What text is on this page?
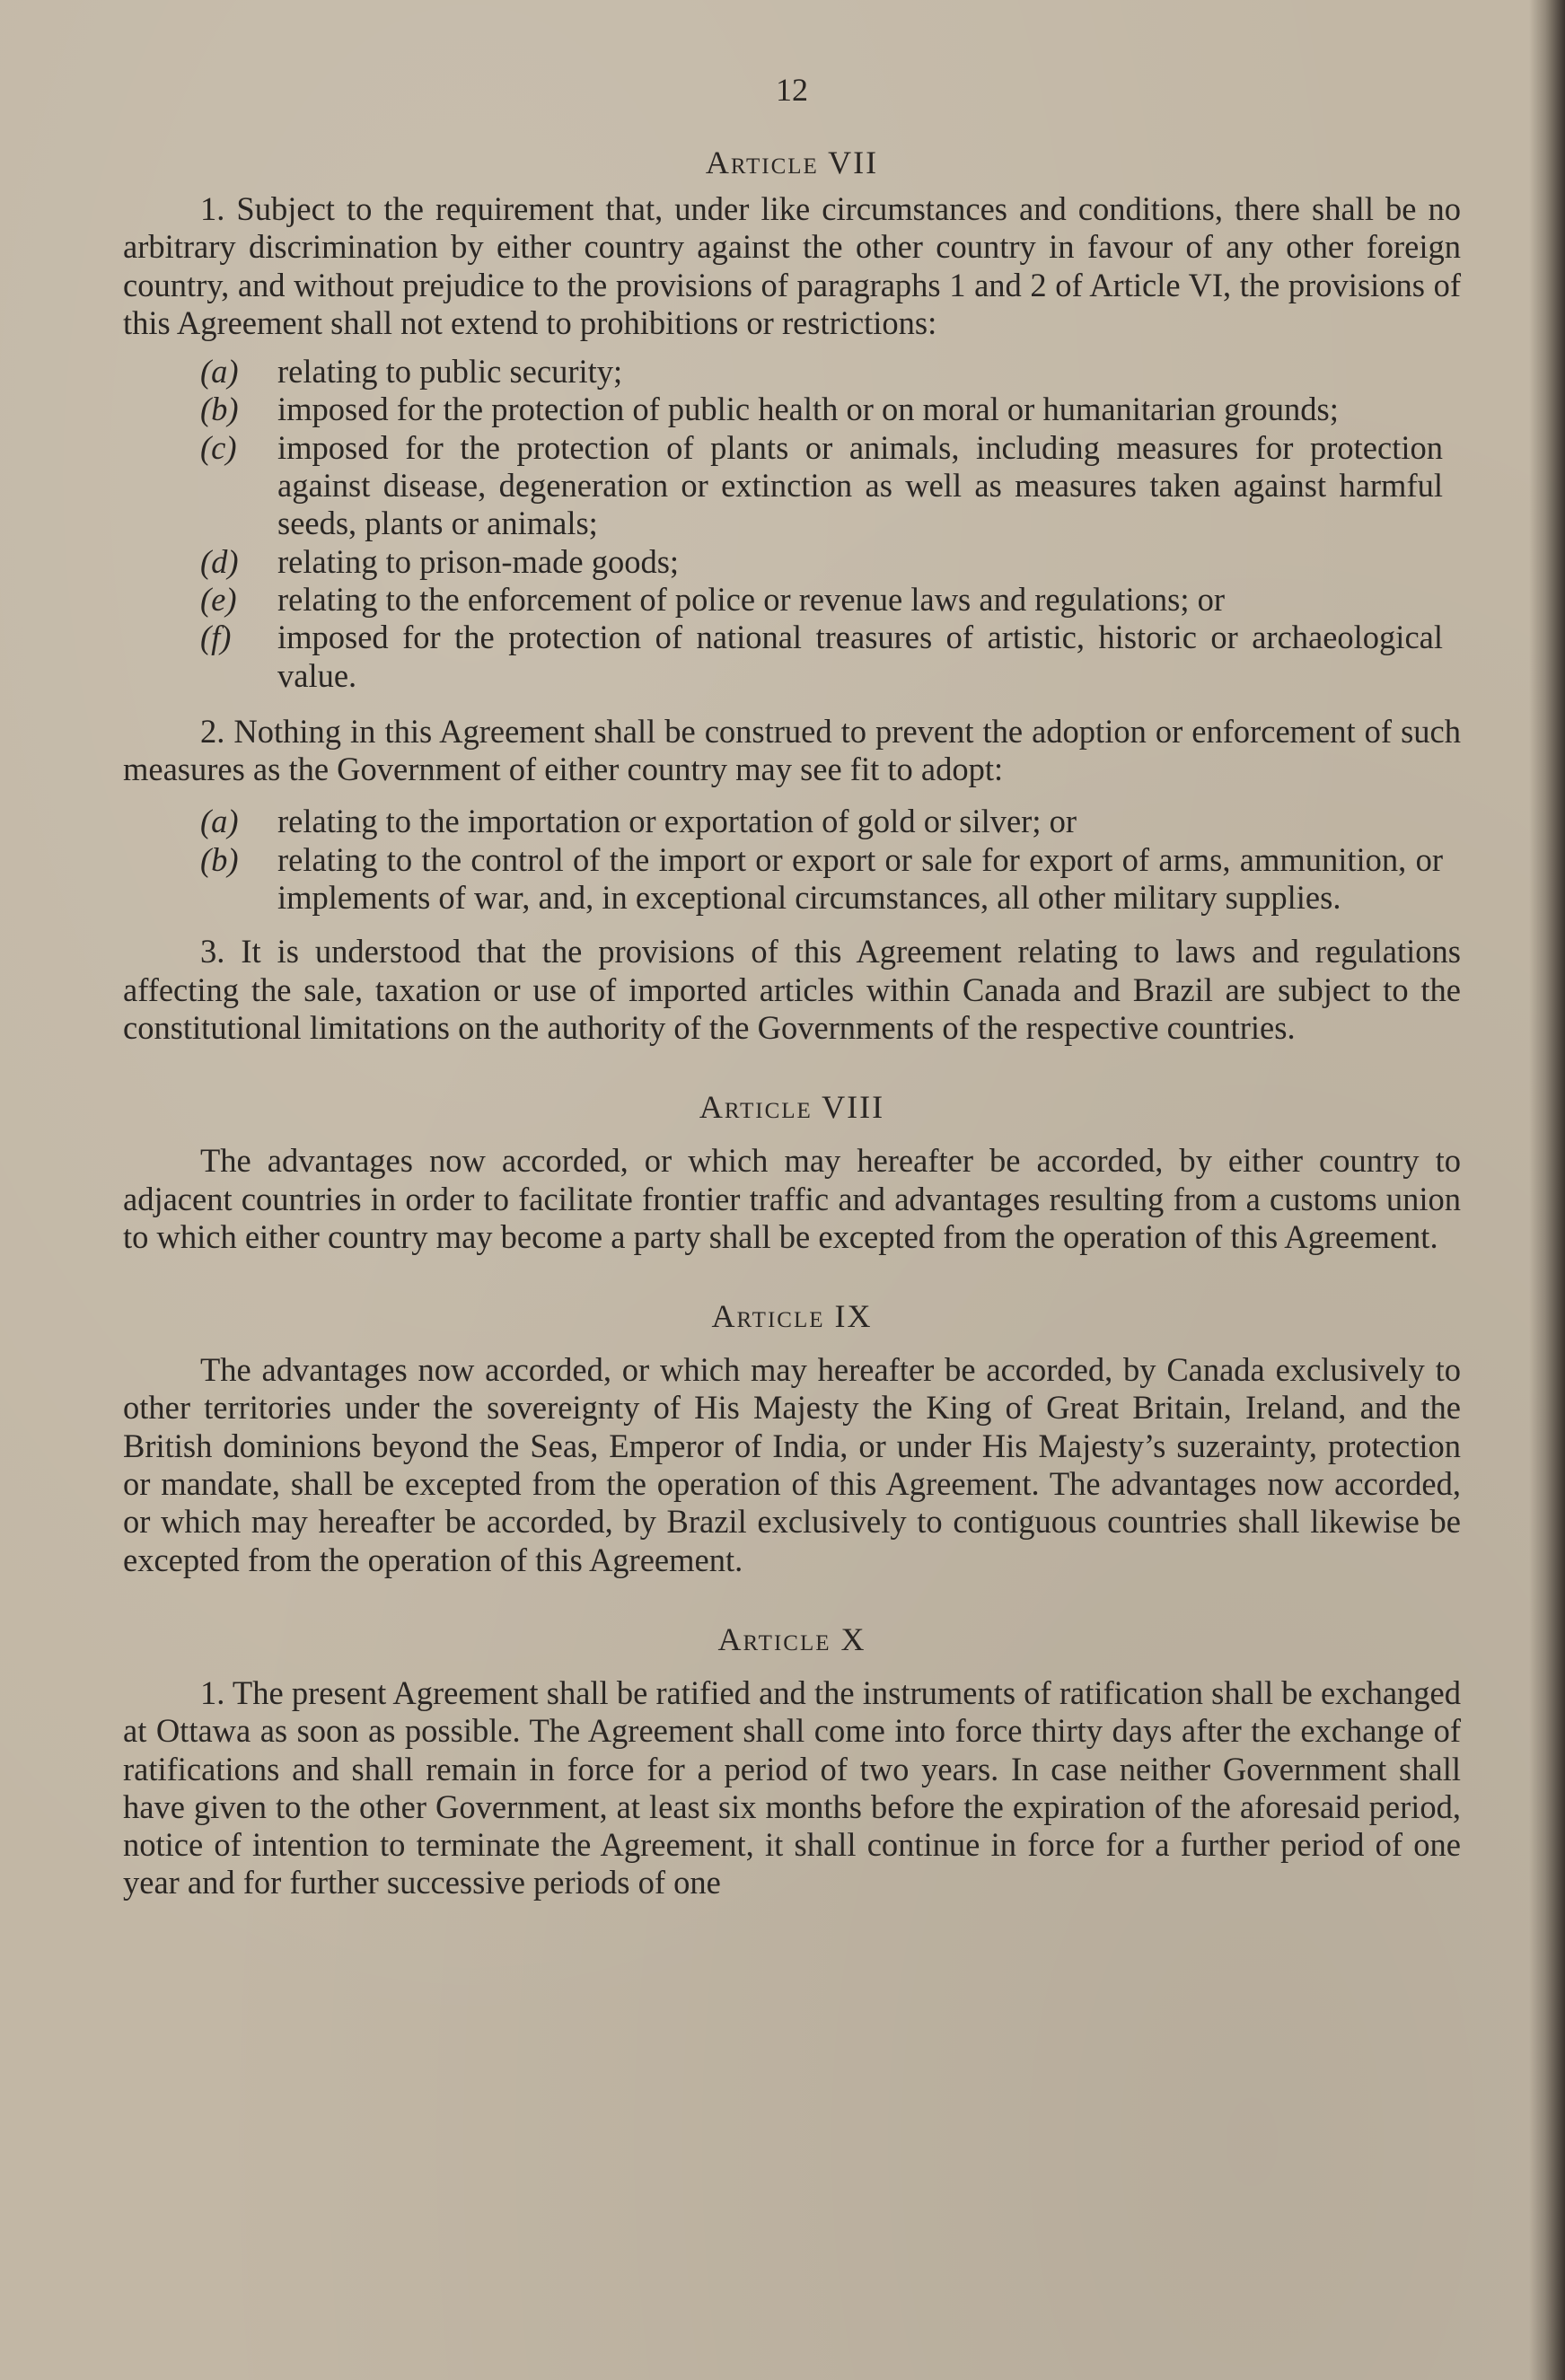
12
Article VII

1. Subject to the requirement that, under like circumstances and conditions, there shall be no arbitrary discrimination by either country against the other country in favour of any other foreign country, and without prejudice to the provisions of paragraphs 1 and 2 of Article VI, the provisions of this Agreement shall not extend to prohibitions or restrictions:

(a) relating to public security;
(b) imposed for the protection of public health or on moral or humanitarian grounds;
(c) imposed for the protection of plants or animals, including measures for protection against disease, degeneration or extinction as well as measures taken against harmful seeds, plants or animals;
(d) relating to prison-made goods;
(e) relating to the enforcement of police or revenue laws and regulations; or
(f) imposed for the protection of national treasures of artistic, historic or archaeological value.

2. Nothing in this Agreement shall be construed to prevent the adoption or enforcement of such measures as the Government of either country may see fit to adopt:

(a) relating to the importation or exportation of gold or silver; or
(b) relating to the control of the import or export or sale for export of arms, ammunition, or implements of war, and, in exceptional circumstances, all other military supplies.

3. It is understood that the provisions of this Agreement relating to laws and regulations affecting the sale, taxation or use of imported articles within Canada and Brazil are subject to the constitutional limitations on the authority of the Governments of the respective countries.

Article VIII

The advantages now accorded, or which may hereafter be accorded, by either country to adjacent countries in order to facilitate frontier traffic and advantages resulting from a customs union to which either country may become a party shall be excepted from the operation of this Agreement.

Article IX

The advantages now accorded, or which may hereafter be accorded, by Canada exclusively to other territories under the sovereignty of His Majesty the King of Great Britain, Ireland, and the British dominions beyond the Seas, Emperor of India, or under His Majesty’s suzerainty, protection or mandate, shall be excepted from the operation of this Agreement. The advantages now accorded, or which may hereafter be accorded, by Brazil exclusively to contiguous countries shall likewise be excepted from the operation of this Agreement.

Article X

1. The present Agreement shall be ratified and the instruments of ratification shall be exchanged at Ottawa as soon as possible. The Agreement shall come into force thirty days after the exchange of ratifications and shall remain in force for a period of two years. In case neither Government shall have given to the other Government, at least six months before the expiration of the aforesaid period, notice of intention to terminate the Agreement, it shall continue in force for a further period of one year and for further successive periods of one
